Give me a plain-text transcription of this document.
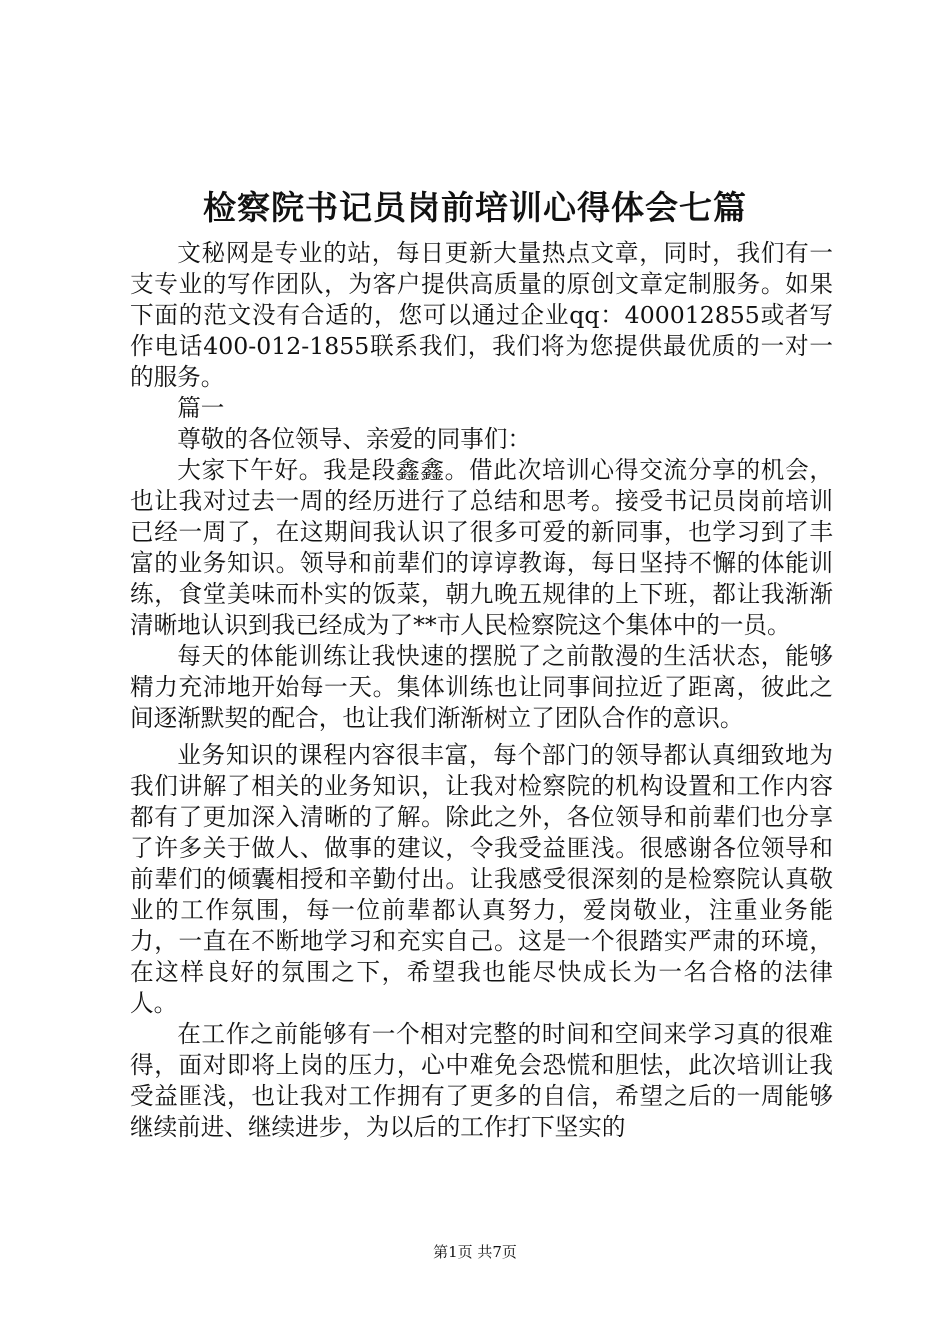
检察院书记员岗前培训心得体会七篇

文秘网是专业的站，每日更新大量热点文章，同时，我们有一支专业的写作团队，为客户提供高质量的原创文章定制服务。如果下面的范文没有合适的，您可以通过企业qq：400012855或者写作电话400-012-1855联系我们，我们将为您提供最优质的一对一的服务。

篇一

尊敬的各位领导、亲爱的同事们：

大家下午好。我是段鑫鑫。借此次培训心得交流分享的机会，也让我对过去一周的经历进行了总结和思考。接受书记员岗前培训已经一周了，在这期间我认识了很多可爱的新同事，也学习到了丰富的业务知识。领导和前辈们的谆谆教诲，每日坚持不懈的体能训练，食堂美味而朴实的饭菜，朝九晚五规律的上下班，都让我渐渐清晰地认识到我已经成为了**市人民检察院这个集体中的一员。

每天的体能训练让我快速的摆脱了之前散漫的生活状态，能够精力充沛地开始每一天。集体训练也让同事间拉近了距离，彼此之间逐渐默契的配合，也让我们渐渐树立了团队合作的意识。

业务知识的课程内容很丰富，每个部门的领导都认真细致地为我们讲解了相关的业务知识，让我对检察院的机构设置和工作内容都有了更加深入清晰的了解。除此之外，各位领导和前辈们也分享了许多关于做人、做事的建议，令我受益匪浅。很感谢各位领导和前辈们的倾囊相授和辛勤付出。让我感受很深刻的是检察院认真敬业的工作氛围，每一位前辈都认真努力，爱岗敬业，注重业务能力，一直在不断地学习和充实自己。这是一个很踏实严肃的环境，在这样良好的氛围之下，希望我也能尽快成长为一名合格的法律人。

在工作之前能够有一个相对完整的时间和空间来学习真的很难得，面对即将上岗的压力，心中难免会恐慌和胆怯，此次培训让我受益匪浅，也让我对工作拥有了更多的自信，希望之后的一周能够继续前进、继续进步，为以后的工作打下坚实的

第1页 共7页
